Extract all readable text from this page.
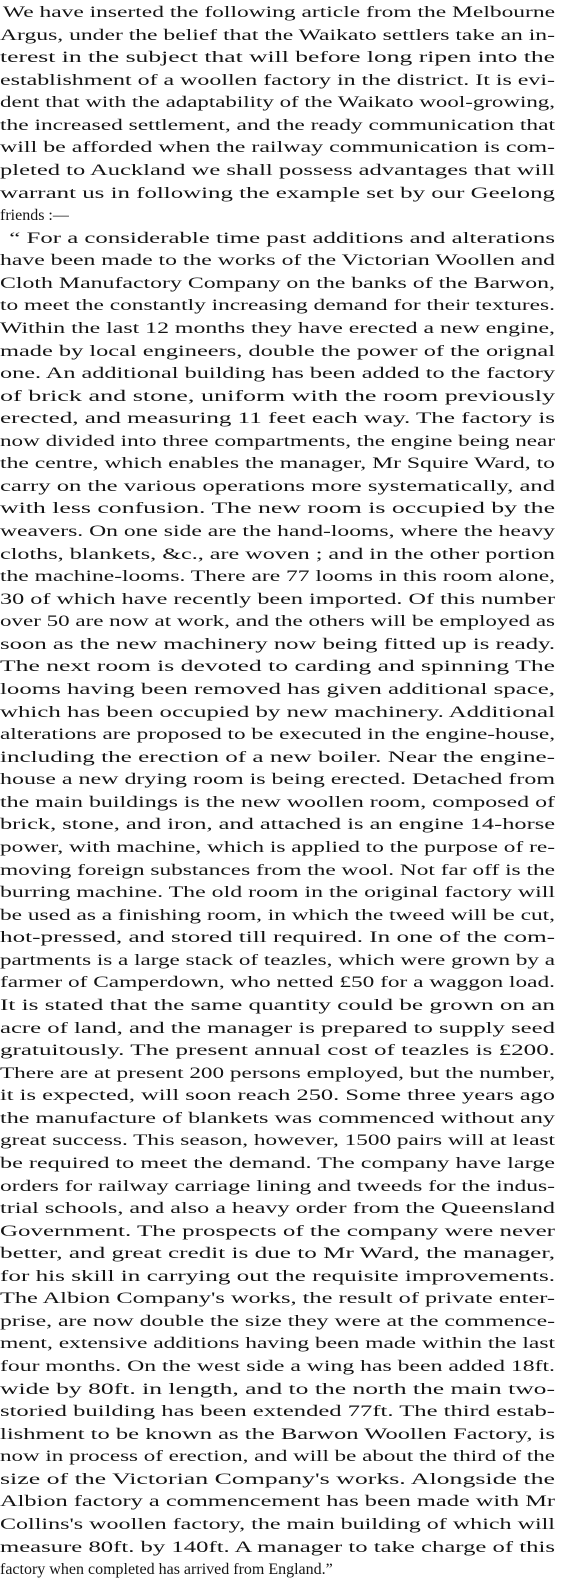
We have inserted the following article from the Melbourne
Argus, under the belief that the Waikato settlers take an in-
terest in the subject that will before long ripen into the
establishment of a woollen factory in the district. It is evi-
dent that with the adaptability of the Waikato wool-growing,
the increased settlement, and the ready communication that
will be afforded when the railway communication is com-
pleted to Auckland we shall possess advantages that will
warrant us in following the example set by our Geelong
friends :—
“ For a considerable time past additions and alterations
have been made to the works of the Victorian Woollen and
Cloth Manufactory Company on the banks of the Barwon,
to meet the constantly increasing demand for their textures.
Within the last 12 months they have erected a new engine,
made by local engineers, double the power of the orignal
one. An additional building has been added to the factory
of brick and stone, uniform with the room previously
erected, and measuring 11 feet each way. The factory is
now divided into three compartments, the engine being near
the centre, which enables the manager, Mr Squire Ward, to
carry on the various operations more systematically, and
with less confusion. The new room is occupied by the
weavers. On one side are the hand-looms, where the heavy
cloths, blankets, &c., are woven ; and in the other portion
the machine-looms. There are 77 looms in this room alone,
30 of which have recently been imported. Of this number
over 50 are now at work, and the others will be employed as
soon as the new machinery now being fitted up is ready.
The next room is devoted to carding and spinning The
looms having been removed has given additional space,
which has been occupied by new machinery. Additional
alterations are proposed to be executed in the engine-house,
including the erection of a new boiler. Near the engine-
house a new drying room is being erected. Detached from
the main buildings is the new woollen room, composed of
brick, stone, and iron, and attached is an engine 14-horse
power, with machine, which is applied to the purpose of re-
moving foreign substances from the wool. Not far off is the
burring machine. The old room in the original factory will
be used as a finishing room, in which the tweed will be cut,
hot-pressed, and stored till required. In one of the com-
partments is a large stack of teazles, which were grown by a
farmer of Camperdown, who netted £50 for a waggon load.
It is stated that the same quantity could be grown on an
acre of land, and the manager is prepared to supply seed
gratuitously. The present annual cost of teazles is £200.
There are at present 200 persons employed, but the number,
it is expected, will soon reach 250. Some three years ago
the manufacture of blankets was commenced without any
great success. This season, however, 1500 pairs will at least
be required to meet the demand. The company have large
orders for railway carriage lining and tweeds for the indus-
trial schools, and also a heavy order from the Queensland
Government. The prospects of the company were never
better, and great credit is due to Mr Ward, the manager,
for his skill in carrying out the requisite improvements.
The Albion Company's works, the result of private enter-
prise, are now double the size they were at the commence-
ment, extensive additions having been made within the last
four months. On the west side a wing has been added 18ft.
wide by 80ft. in length, and to the north the main two-
storied building has been extended 77ft. The third estab-
lishment to be known as the Barwon Woollen Factory, is
now in process of erection, and will be about the third of the
size of the Victorian Company's works. Alongside the
Albion factory a commencement has been made with Mr
Collins's woollen factory, the main building of which will
measure 80ft. by 140ft. A manager to take charge of this
factory when completed has arrived from England.”
